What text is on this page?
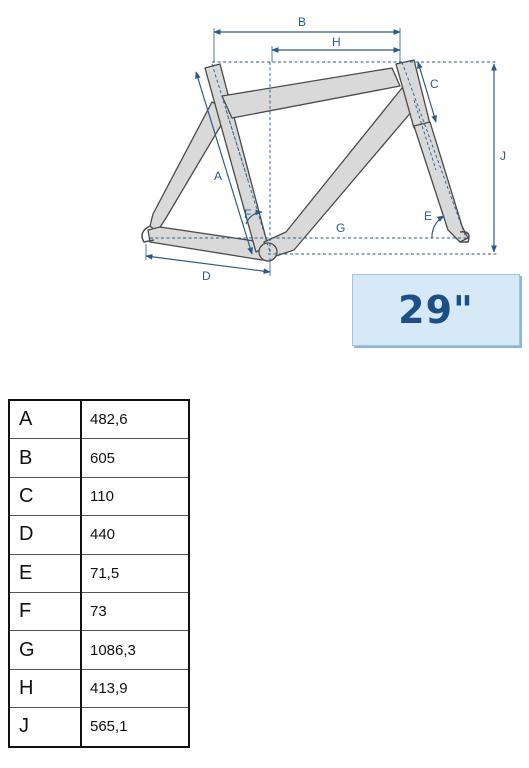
B
H
C
J
A
F	E
G
D
29"
A	482,6
B	605
C	110
D	440
E	71,5
F	73
G	1086,3
H	413,9
J	565,1
